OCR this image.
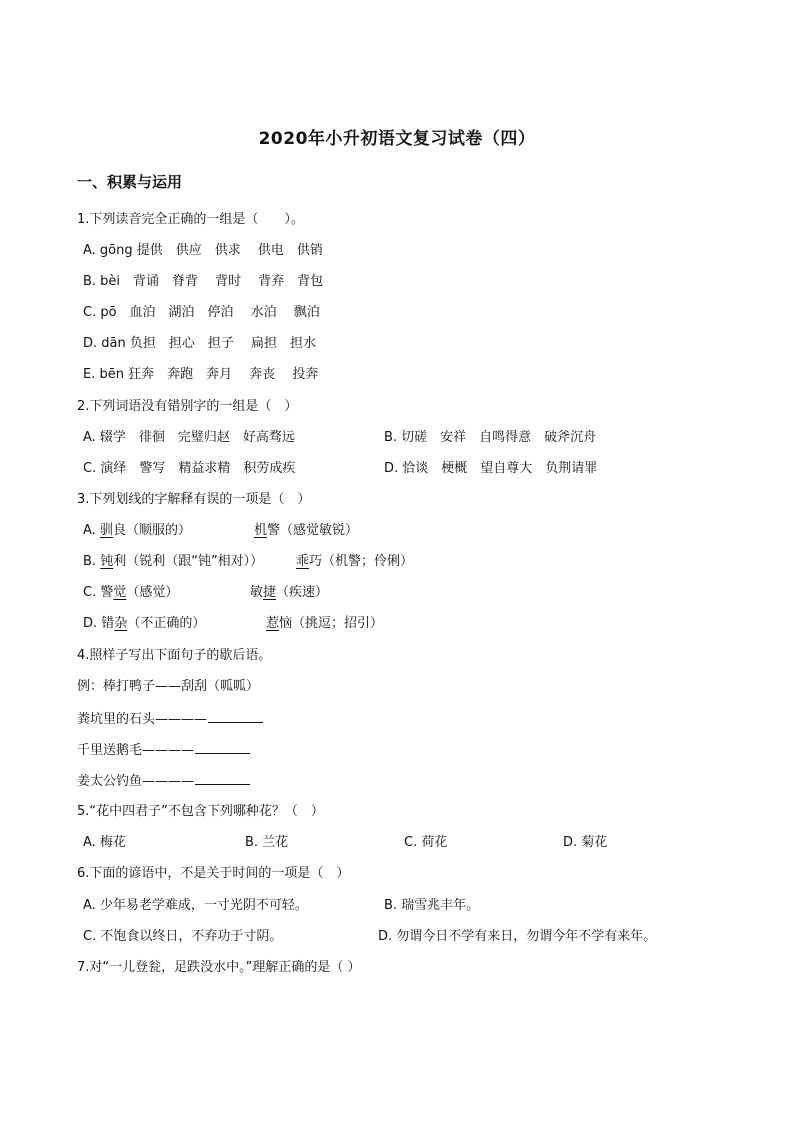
2020年小升初语文复习试卷（四）
一、积累与运用
1.下列读音完全正确的一组是（　　）。
A. gōng 提供　供应　供求　 供电　供销
B. bèi　背诵　脊背　 背时　 背弃　背包
C. pō　血泊　湖泊　停泊　 水泊　 飘泊
D. dān 负担　担心　担子　 扁担　担水
E. bēn 狂奔　奔跑　奔月　 奔丧　 投奔
2.下列词语没有错别字的一组是（　）
A. 辍学　徘徊　完璧归赵　好高骛远	B. 切磋　安祥　自鸣得意　破斧沉舟
C. 演绎　警写　精益求精　积劳成疾	D. 恰谈　梗概　望自尊大　负荆请罪
3.下列划线的字解释有误的一项是（　）
A. 驯良（顺服的）	机警（感觉敏锐）
B. 钝利（锐利（跟“钝”相对））	乖巧（机警；伶俐）
C. 警觉（感觉）	敏捷（疾速）
D. 错杂（不正确的）	惹恼（挑逗；招引）
4.照样子写出下面句子的歇后语。
例：棒打鸭子——刮刮（呱呱）
粪坑里的石头————
千里送鹅毛————
姜太公钓鱼————
5.“花中四君子”不包含下列哪种花？（　）
A. 梅花	B. 兰花	C. 荷花	D. 菊花
6.下面的谚语中，不是关于时间的一项是（　）
A. 少年易老学难成，一寸光阴不可轻。	B. 瑞雪兆丰年。
C. 不饱食以终日，不弃功于寸阴。	D. 勿谓今日不学有来日，勿谓今年不学有来年。
7.对“一儿登瓮，足跌没水中。”理解正确的是（ ）
